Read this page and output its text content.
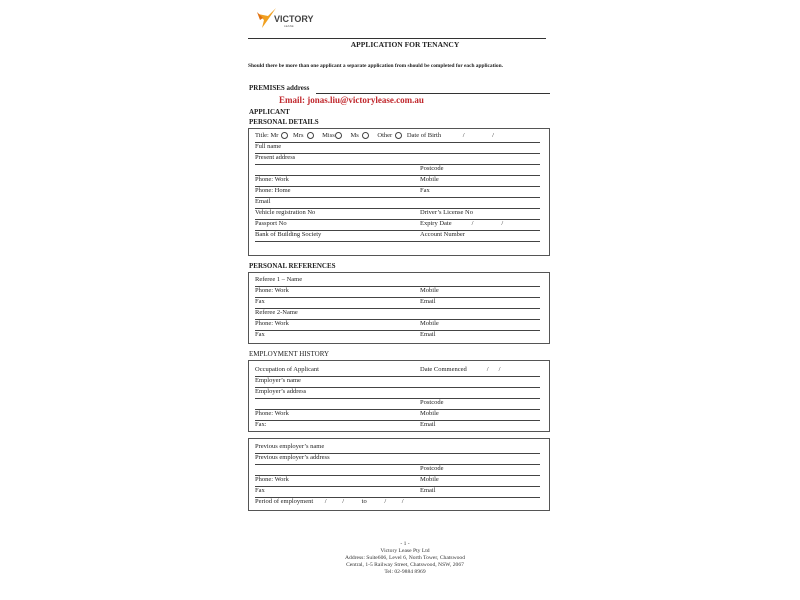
VICTORY
LEASE
APPLICATION FOR TENANCY
Should there be more than one applicant a separate application from should be completed for each application.
PREMISES address
Email: jonas.liu@victorylease.com.au
APPLICANT
PERSONAL DETAILS
Title: Mr Mrs	Miss Ms	Other Date of Birth	/	/
Full name
Present address
Postcode
Phone: Work	Mobile
Phone: Home	Fax
Email
Vehicle registration No	Driver’s License No
Passport No	Expiry Date	/	/
Bank of Building Society	Account Number
PERSONAL REFERENCES
Referee 1 – Name
Phone: Work	Mobile
Fax	Email
Referee 2-Name
Phone: Work	Mobile
Fax	Email
EMPLOYMENT HISTORY
Occupation of Applicant	Date Commenced	/ /
Employer’s name
Employer’s address
Postcode
Phone: Work	Mobile
Fax:	Email
Previous employer’s name
Previous employer’s address
Postcode
Phone: Work	Mobile
Fax	Email
Period of employment / /	to	/ /
- 1 -
Victory Lease Pty Ltd
Address: Suite606, Level 6, North Tower, Chatswood
Central, 1-5 Railway Street, Chatswood, NSW, 2067
Tel: 02-9884 8969
